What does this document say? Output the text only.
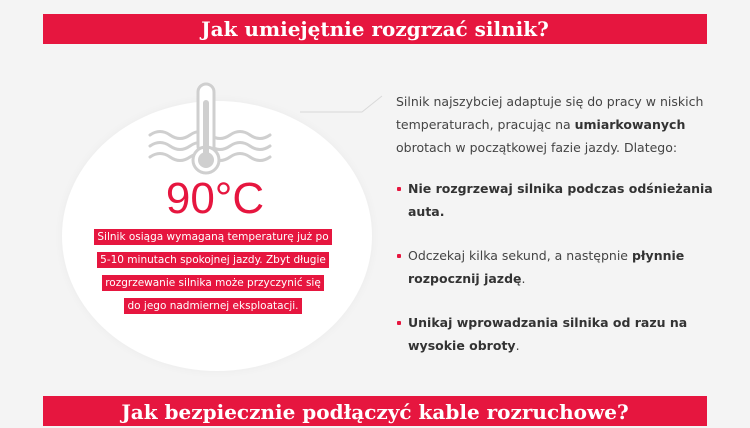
Jak umiejętnie rozgrzać silnik?
90°C
Silnik osiąga wymaganą temperaturę już po
5-10 minutach spokojnej jazdy. Zbyt długie
rozgrzewanie silnika może przyczynić się
do jego nadmiernej eksploatacji.

Silnik najszybciej adaptuje się do pracy w niskich temperaturach, pracując na umiarkowanych obrotach w początkowej fazie jazdy. Dlatego:

Nie rozgrzewaj silnika podczas odśnieżania auta.

Odczekaj kilka sekund, a następnie płynnie rozpocznij jazdę.

Unikaj wprowadzania silnika od razu na wysokie obroty.

Jak bezpiecznie podłączyć kable rozruchowe?
